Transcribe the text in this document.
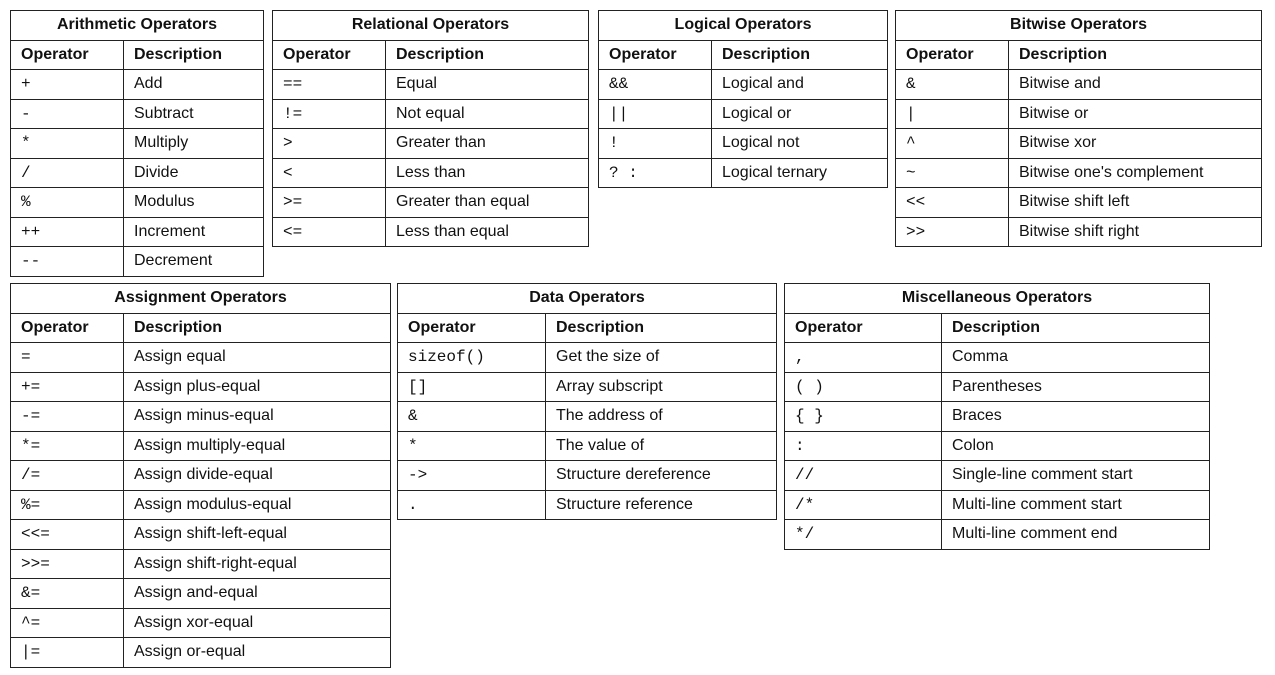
Arithmetic Operators	
Operator	Description
+	Add
-	Subtract
*	Multiply
/	Divide
%	Modulus
++	Increment
--	Decrement
Relational Operators	
Operator	Description
==	Equal
!=	Not equal
>	Greater than
<	Less than
>=	Greater than equal
<=	Less than equal
Logical Operators	
Operator	Description
&&	Logical and
||	Logical or
!	Logical not
? :	Logical ternary
Bitwise Operators	
Operator	Description
&	Bitwise and
|	Bitwise or
^	Bitwise xor
~	Bitwise one's complement
<<	Bitwise shift left
>>	Bitwise shift right
Assignment Operators	
Operator	Description
=	Assign equal
+=	Assign plus-equal
-=	Assign minus-equal
*=	Assign multiply-equal
/=	Assign divide-equal
%=	Assign modulus-equal
<<=	Assign shift-left-equal
>>=	Assign shift-right-equal
&=	Assign and-equal
^=	Assign xor-equal
|=	Assign or-equal
Data Operators	
Operator	Description
sizeof()	Get the size of
[]	Array subscript
&	The address of
*	The value of
->	Structure dereference
.	Structure reference
Miscellaneous Operators	
Operator	Description
,	Comma
( )	Parentheses
{ }	Braces
:	Colon
//	Single-line comment start
/*	Multi-line comment start
*/	Multi-line comment end
